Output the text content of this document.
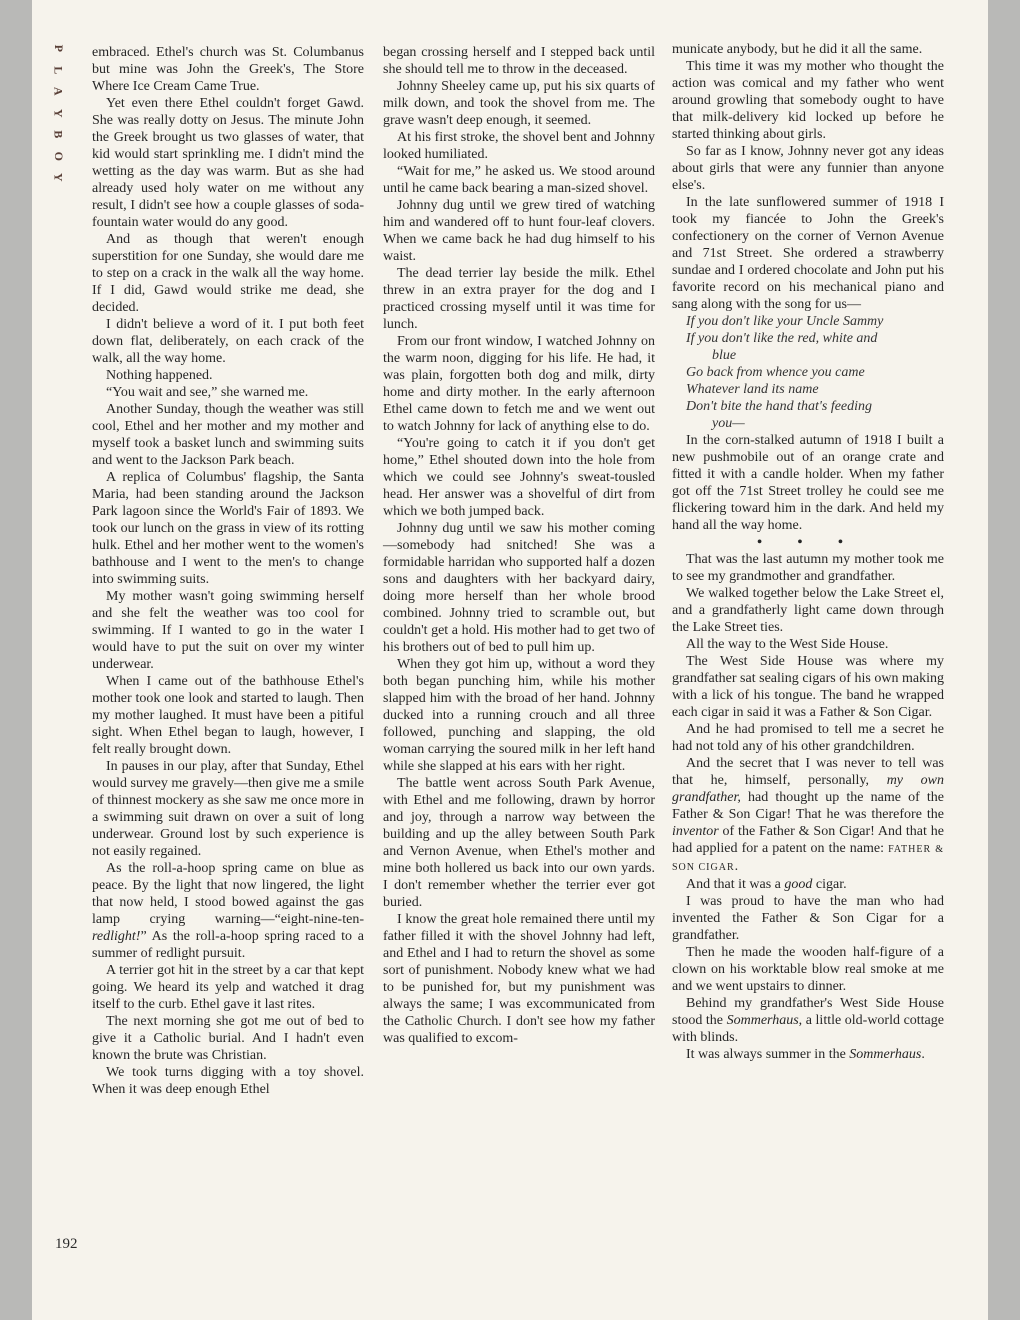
P
L
A
Y
B
O
Y
192

embraced. Ethel's church was St. Columbanus but mine was John the Greek's, The Store Where Ice Cream Came True.

Yet even there Ethel couldn't forget Gawd. She was really dotty on Jesus. The minute John the Greek brought us two glasses of water, that kid would start sprinkling me. I didn't mind the wetting as the day was warm. But as she had already used holy water on me without any result, I didn't see how a couple glasses of soda-fountain water would do any good.

And as though that weren't enough superstition for one Sunday, she would dare me to step on a crack in the walk all the way home. If I did, Gawd would strike me dead, she decided.

I didn't believe a word of it. I put both feet down flat, deliberately, on each crack of the walk, all the way home.

Nothing happened.

“You wait and see,” she warned me.

Another Sunday, though the weather was still cool, Ethel and her mother and my mother and myself took a basket lunch and swimming suits and went to the Jackson Park beach.

A replica of Columbus' flagship, the Santa Maria, had been standing around the Jackson Park lagoon since the World's Fair of 1893. We took our lunch on the grass in view of its rotting hulk. Ethel and her mother went to the women's bathhouse and I went to the men's to change into swimming suits.

My mother wasn't going swimming herself and she felt the weather was too cool for swimming. If I wanted to go in the water I would have to put the suit on over my winter underwear.

When I came out of the bathhouse Ethel's mother took one look and started to laugh. Then my mother laughed. It must have been a pitiful sight. When Ethel began to laugh, however, I felt really brought down.

In pauses in our play, after that Sunday, Ethel would survey me gravely—then give me a smile of thinnest mockery as she saw me once more in a swimming suit drawn on over a suit of long underwear. Ground lost by such experience is not easily regained.

As the roll-a-hoop spring came on blue as peace. By the light that now lingered, the light that now held, I stood bowed against the gas lamp crying warning—“eight-nine-ten-redlight!” As the roll-a-hoop spring raced to a summer of redlight pursuit.

A terrier got hit in the street by a car that kept going. We heard its yelp and watched it drag itself to the curb. Ethel gave it last rites.

The next morning she got me out of bed to give it a Catholic burial. And I hadn't even known the brute was Christian.

We took turns digging with a toy shovel. When it was deep enough Ethel

began crossing herself and I stepped back until she should tell me to throw in the deceased.

Johnny Sheeley came up, put his six quarts of milk down, and took the shovel from me. The grave wasn't deep enough, it seemed.

At his first stroke, the shovel bent and Johnny looked humiliated.

“Wait for me,” he asked us. We stood around until he came back bearing a man-sized shovel.

Johnny dug until we grew tired of watching him and wandered off to hunt four-leaf clovers. When we came back he had dug himself to his waist.

The dead terrier lay beside the milk. Ethel threw in an extra prayer for the dog and I practiced crossing myself until it was time for lunch.

From our front window, I watched Johnny on the warm noon, digging for his life. He had, it was plain, forgotten both dog and milk, dirty home and dirty mother. In the early afternoon Ethel came down to fetch me and we went out to watch Johnny for lack of anything else to do.

“You're going to catch it if you don't get home,” Ethel shouted down into the hole from which we could see Johnny's sweat-tousled head. Her answer was a shovelful of dirt from which we both jumped back.

Johnny dug until we saw his mother coming—somebody had snitched! She was a formidable harridan who supported half a dozen sons and daughters with her backyard dairy, doing more herself than her whole brood combined. Johnny tried to scramble out, but couldn't get a hold. His mother had to get two of his brothers out of bed to pull him up.

When they got him up, without a word they both began punching him, while his mother slapped him with the broad of her hand. Johnny ducked into a running crouch and all three followed, punching and slapping, the old woman carrying the soured milk in her left hand while she slapped at his ears with her right.

The battle went across South Park Avenue, with Ethel and me following, drawn by horror and joy, through a narrow way between the building and up the alley between South Park and Vernon Avenue, when Ethel's mother and mine both hollered us back into our own yards. I don't remember whether the terrier ever got buried.

I know the great hole remained there until my father filled it with the shovel Johnny had left, and Ethel and I had to return the shovel as some sort of punishment. Nobody knew what we had to be punished for, but my punishment was always the same; I was excommunicated from the Catholic Church. I don't see how my father was qualified to excom-

municate anybody, but he did it all the same.

This time it was my mother who thought the action was comical and my father who went around growling that somebody ought to have that milk-delivery kid locked up before he started thinking about girls.

So far as I know, Johnny never got any ideas about girls that were any funnier than anyone else's.

In the late sunflowered summer of 1918 I took my fiancée to John the Greek's confectionery on the corner of Vernon Avenue and 71st Street. She ordered a strawberry sundae and I ordered chocolate and John put his favorite record on his mechanical piano and sang along with the song for us—

If you don't like your Uncle Sammy

If you don't like the red, white and

blue

Go back from whence you came

Whatever land its name

Don't bite the hand that's feeding

you—

In the corn-stalked autumn of 1918 I built a new pushmobile out of an orange crate and fitted it with a candle holder. When my father got off the 71st Street trolley he could see me flickering toward him in the dark. And held my hand all the way home.

• • •

That was the last autumn my mother took me to see my grandmother and grandfather.

We walked together below the Lake Street el, and a grandfatherly light came down through the Lake Street ties.

All the way to the West Side House.

The West Side House was where my grandfather sat sealing cigars of his own making with a lick of his tongue. The band he wrapped each cigar in said it was a Father & Son Cigar.

And he had promised to tell me a secret he had not told any of his other grandchildren.

And the secret that I was never to tell was that he, himself, personally, my own grandfather, had thought up the name of the Father & Son Cigar! That he was therefore the inventor of the Father & Son Cigar! And that he had applied for a patent on the name: FATHER & SON CIGAR.

And that it was a good cigar.

I was proud to have the man who had invented the Father & Son Cigar for a grandfather.

Then he made the wooden half-figure of a clown on his worktable blow real smoke at me and we went upstairs to dinner.

Behind my grandfather's West Side House stood the Sommerhaus, a little old-world cottage with blinds.

It was always summer in the Sommerhaus.
